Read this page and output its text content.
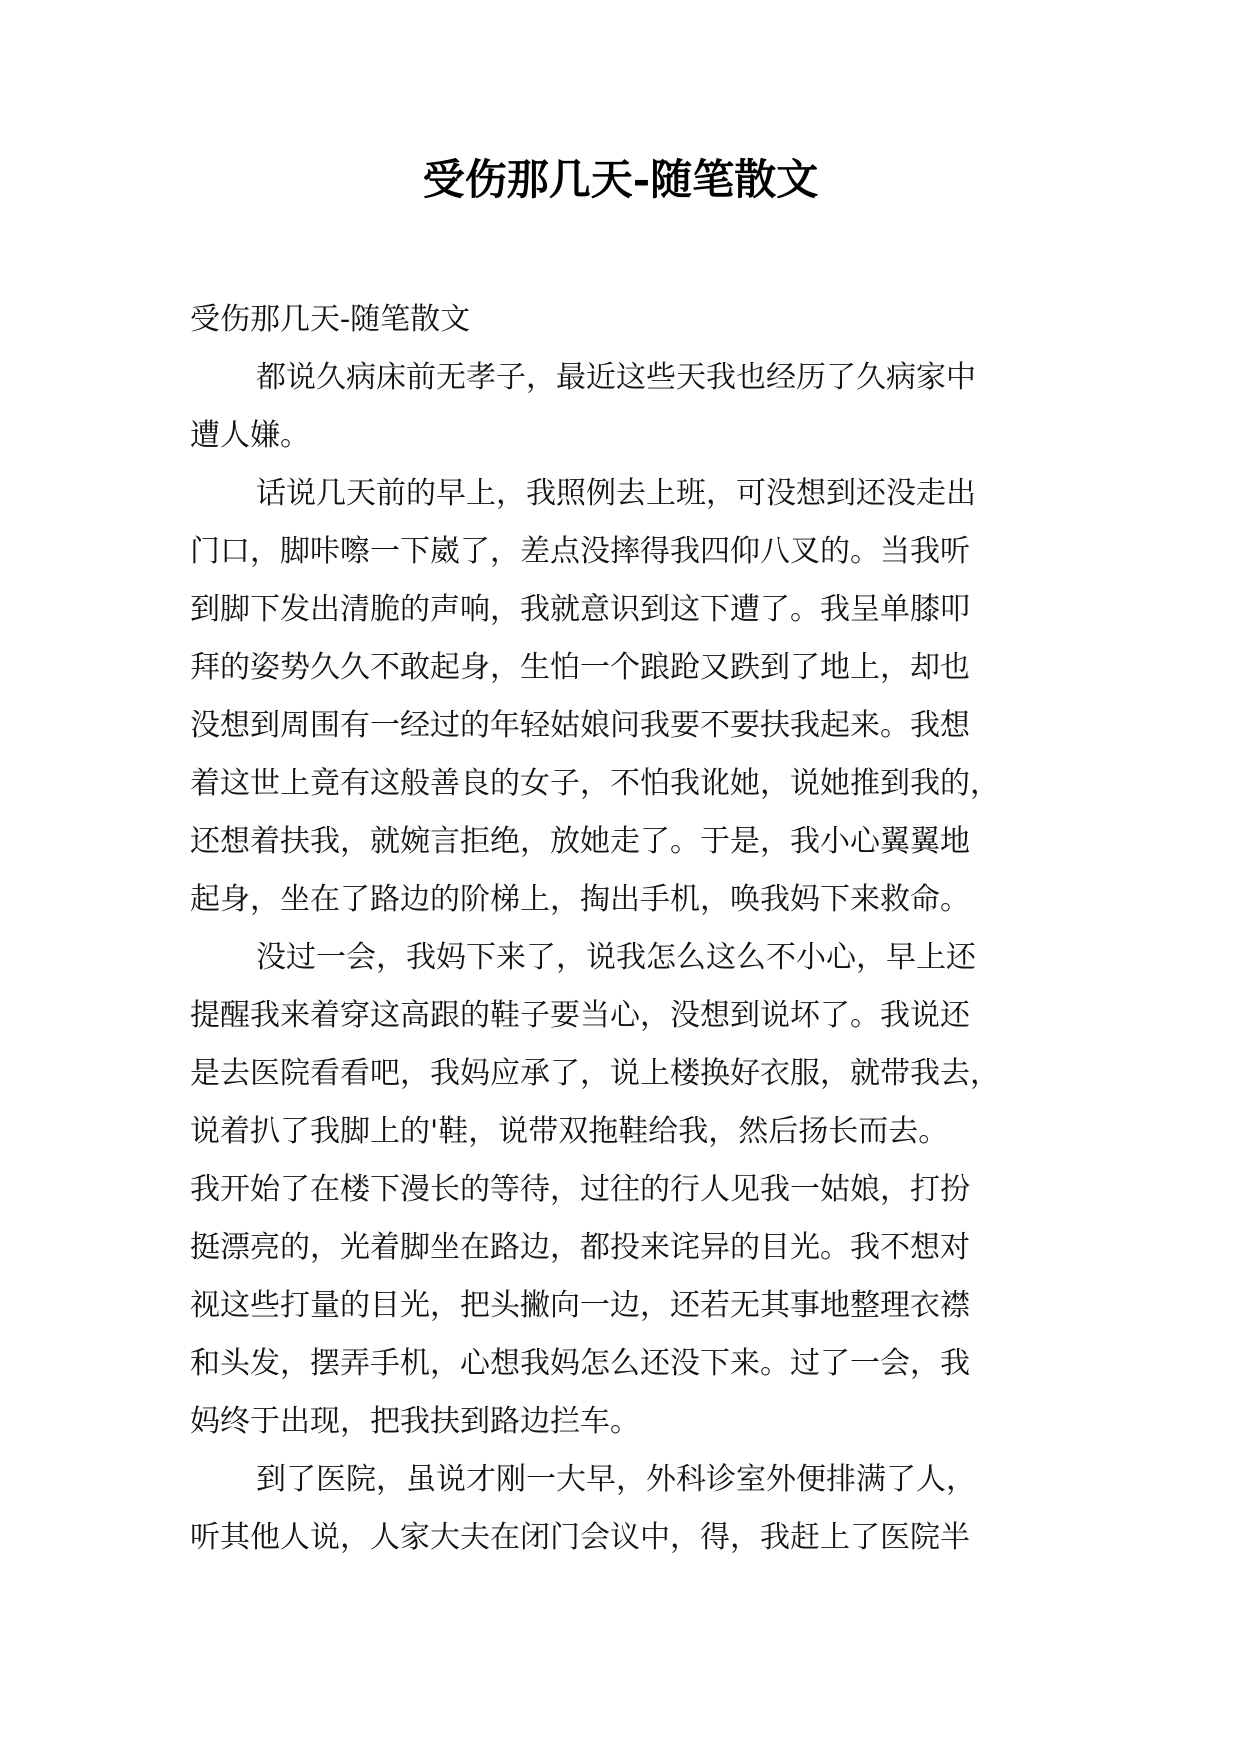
受伤那几天-随笔散文
受伤那几天-随笔散文
都说久病床前无孝子，最近这些天我也经历了久病家中
遭人嫌。
话说几天前的早上，我照例去上班，可没想到还没走出
门口，脚咔嚓一下崴了，差点没摔得我四仰八叉的。当我听
到脚下发出清脆的声响，我就意识到这下遭了。我呈单膝叩
拜的姿势久久不敢起身，生怕一个踉跄又跌到了地上，却也
没想到周围有一经过的年轻姑娘问我要不要扶我起来。我想
着这世上竟有这般善良的女子，不怕我讹她，说她推到我的，
还想着扶我，就婉言拒绝，放她走了。于是，我小心翼翼地
起身，坐在了路边的阶梯上，掏出手机，唤我妈下来救命。
没过一会，我妈下来了，说我怎么这么不小心，早上还
提醒我来着穿这高跟的鞋子要当心，没想到说坏了。我说还
是去医院看看吧，我妈应承了，说上楼换好衣服，就带我去，
说着扒了我脚上的'鞋，说带双拖鞋给我，然后扬长而去。
我开始了在楼下漫长的等待，过往的行人见我一姑娘，打扮
挺漂亮的，光着脚坐在路边，都投来诧异的目光。我不想对
视这些打量的目光，把头撇向一边，还若无其事地整理衣襟
和头发，摆弄手机，心想我妈怎么还没下来。过了一会，我
妈终于出现，把我扶到路边拦车。
到了医院，虽说才刚一大早，外科诊室外便排满了人，
听其他人说，人家大夫在闭门会议中，得，我赶上了医院半
